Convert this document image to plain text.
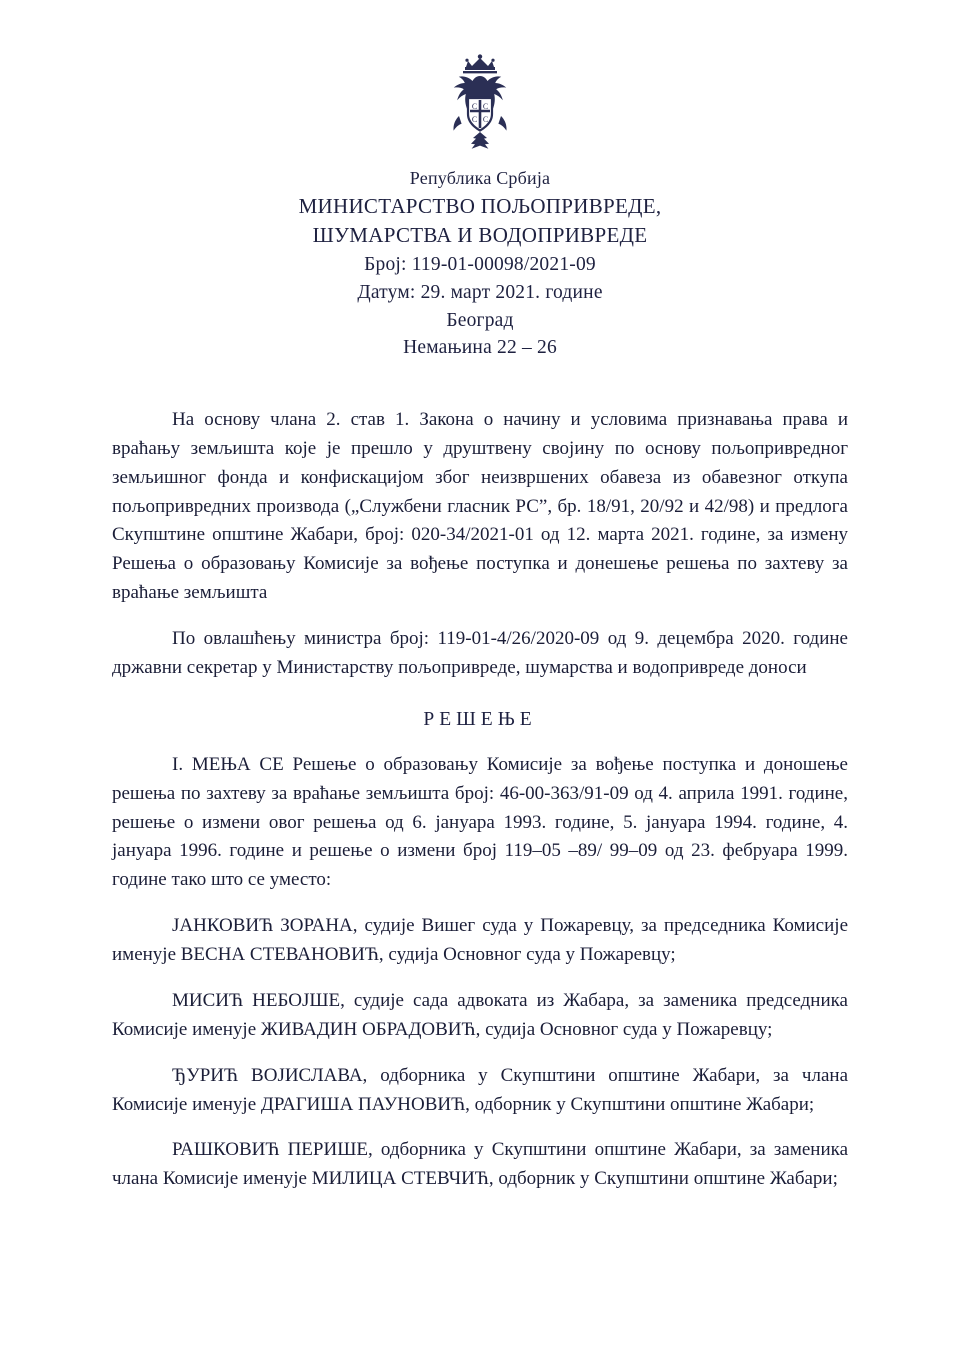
С С
С С
Република Србија
МИНИСТАРСТВО ПОЉОПРИВРЕДЕ,
ШУМАРСТВА И ВОДОПРИВРЕДЕ
Број: 119-01-00098/2021-09
Датум: 29. март 2021. године
Београд
Немањина 22 – 26

На основу члана 2. став 1. Закона о начину и условима признавања права и враћању земљишта које је прешло у друштвену својину по основу пољопривредног земљишног фонда и конфискацијом због неизвршених обавеза из обавезног откупа пољопривредних производа („Службени гласник РС”, бр. 18/91, 20/92 и 42/98) и предлога Скупштине општине Жабари, број: 020-34/2021-01 од 12. марта 2021. године, за измену Решења о образовању Комисије за вођење поступка и донешење решења по захтеву за враћање земљишта

По овлашћењу министра број: 119-01-4/26/2020-09 од 9. децембра 2020. године државни секретар у Министарству пољопривреде, шумарства и водопривреде доноси

РЕШЕЊЕ

I. МЕЊА СЕ Решење о образовању Комисије за вођење поступка и доношење решења по захтеву за враћање земљишта број: 46-00-363/91-09 од 4. априла 1991. године, решење о измени овог решења од 6. јануара 1993. године, 5. јануара 1994. године, 4. јануара 1996. године и решење о измени број 119–05 –89/ 99–09 од 23. фебруара 1999. године тако што се уместо:

ЈАНКОВИЋ ЗОРАНА, судије Вишег суда у Пожаревцу, за председника Комисије именује ВЕСНА СТЕВАНОВИЋ, судија Основног суда у Пожаревцу;

МИСИЋ НЕБОЈШЕ, судије сада адвоката из Жабара, за заменика председника Комисије именује ЖИВАДИН ОБРАДОВИЋ, судија Основног суда у Пожаревцу;

ЂУРИЋ ВОЈИСЛАВА, одборника у Скупштини општине Жабари, за члана Комисије именује ДРАГИША ПАУНОВИЋ, одборник у Скупштини општине Жабари;

РАШКОВИЋ ПЕРИШЕ, одборника у Скупштини општине Жабари, за заменика члана Комисије именује МИЛИЦА СТЕВЧИЋ, одборник у Скупштини општине Жабари;
